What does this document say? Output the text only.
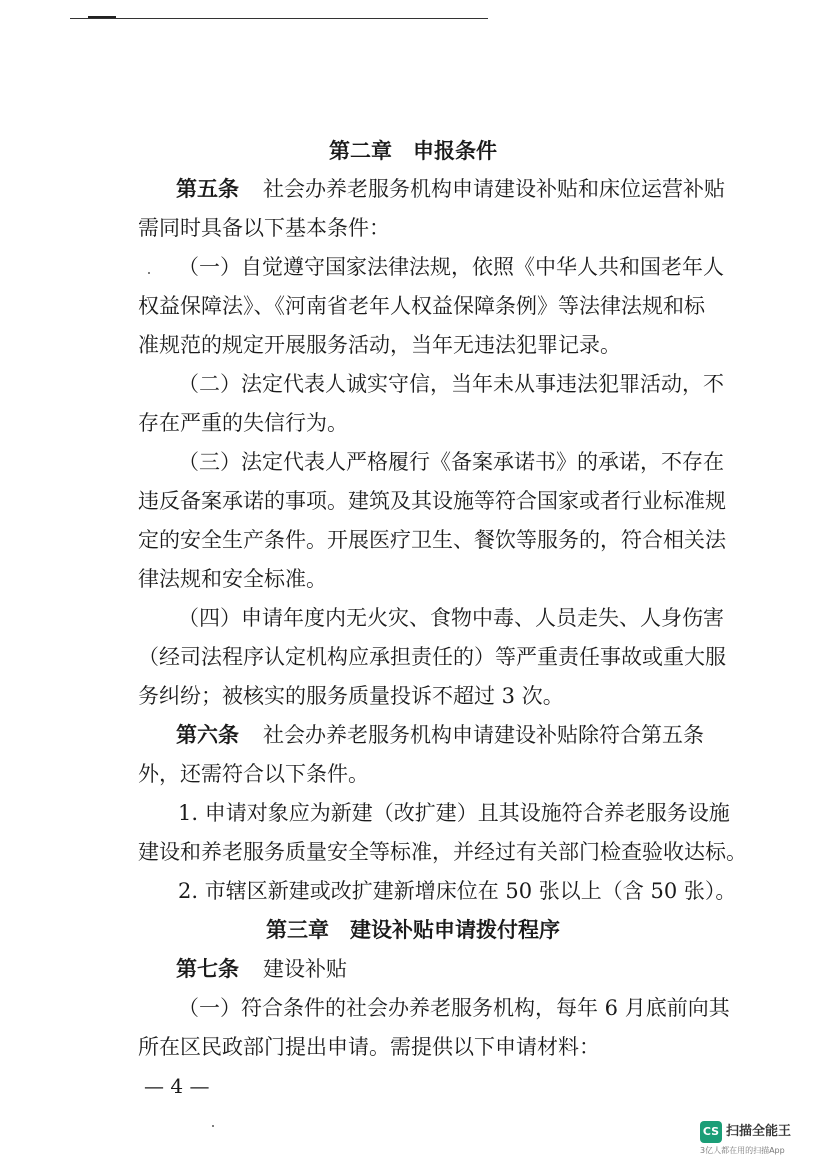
第二章　申报条件
第五条 社会办养老服务机构申请建设补贴和床位运营补贴
需同时具备以下基本条件：
（一）自觉遵守国家法律法规，依照《中华人共和国老年人
权益保障法》、《河南省老年人权益保障条例》等法律法规和标
准规范的规定开展服务活动，当年无违法犯罪记录。
（二）法定代表人诚实守信，当年未从事违法犯罪活动，不
存在严重的失信行为。
（三）法定代表人严格履行《备案承诺书》的承诺，不存在
违反备案承诺的事项。建筑及其设施等符合国家或者行业标准规
定的安全生产条件。开展医疗卫生、餐饮等服务的，符合相关法
律法规和安全标准。
（四）申请年度内无火灾、食物中毒、人员走失、人身伤害
（经司法程序认定机构应承担责任的）等严重责任事故或重大服
务纠纷；被核实的服务质量投诉不超过 3 次。
第六条 社会办养老服务机构申请建设补贴除符合第五条
外，还需符合以下条件。
1. 申请对象应为新建（改扩建）且其设施符合养老服务设施
建设和养老服务质量安全等标准，并经过有关部门检查验收达标。
2. 市辖区新建或改扩建新增床位在 50 张以上（含 50 张）。
第三章　建设补贴申请拨付程序
第七条 建设补贴
（一）符合条件的社会办养老服务机构，每年 6 月底前向其
所在区民政部门提出申请。需提供以下申请材料：
— 4 —
CS 扫描全能王
3亿人都在用的扫描App
